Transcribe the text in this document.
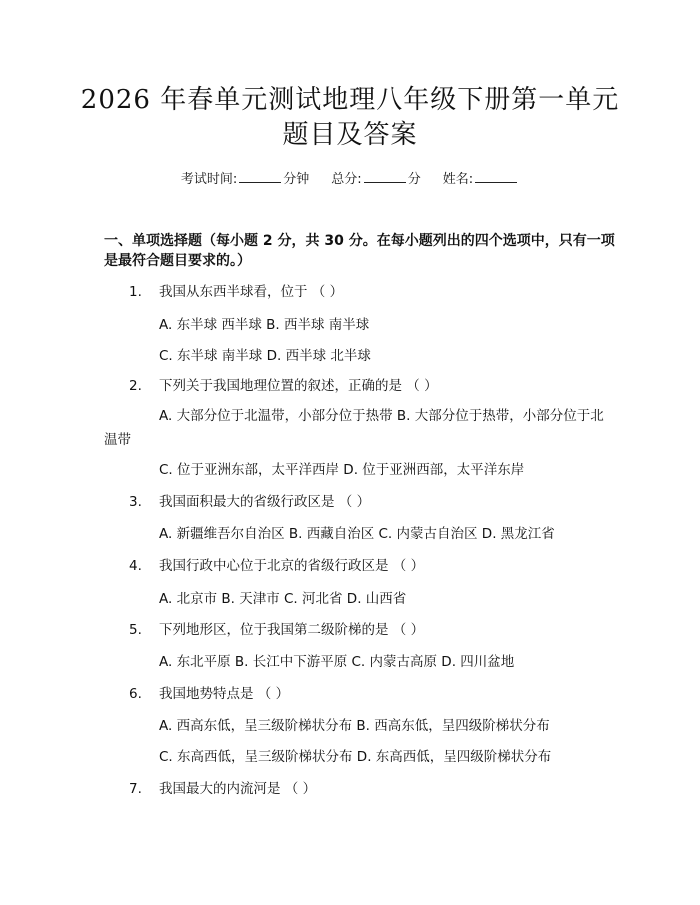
2026 年春单元测试地理八年级下册第一单元
题目及答案
考试时间:	分钟 总分:	分 姓名:
一、单项选择题（每小题 2 分，共 30 分。在每小题列出的四个选项中，只有一项
是最符合题目要求的。）
1. 我国从东西半球看，位于 （ ）
A. 东半球 西半球 B. 西半球 南半球
C. 东半球 南半球 D. 西半球 北半球
2. 下列关于我国地理位置的叙述，正确的是 （ ）
A. 大部分位于北温带，小部分位于热带 B. 大部分位于热带，小部分位于北温带
C. 位于亚洲东部，太平洋西岸 D. 位于亚洲西部，太平洋东岸
3. 我国面积最大的省级行政区是 （ ）
A. 新疆维吾尔自治区 B. 西藏自治区 C. 内蒙古自治区 D. 黑龙江省
4. 我国行政中心位于北京的省级行政区是 （ ）
A. 北京市 B. 天津市 C. 河北省 D. 山西省
5. 下列地形区，位于我国第二级阶梯的是 （ ）
A. 东北平原 B. 长江中下游平原 C. 内蒙古高原 D. 四川盆地
6. 我国地势特点是 （ ）
A. 西高东低，呈三级阶梯状分布 B. 西高东低，呈四级阶梯状分布
C. 东高西低，呈三级阶梯状分布 D. 东高西低，呈四级阶梯状分布
7. 我国最大的内流河是 （ ）
